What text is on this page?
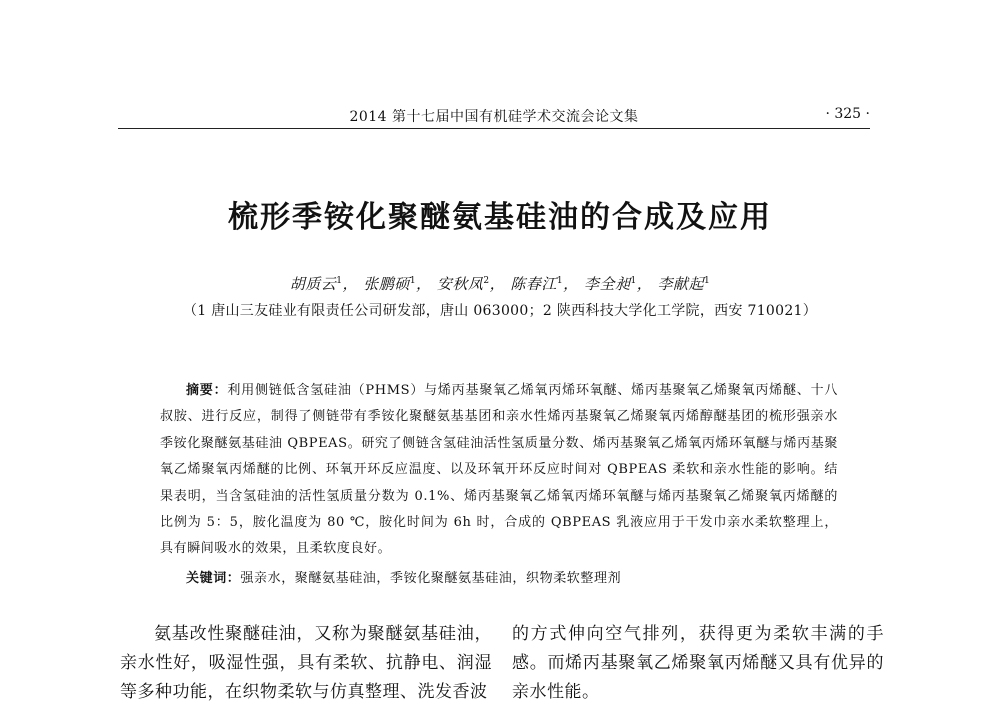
2014 第十七届中国有机硅学术交流会论文集	· 325 ·
梳形季铵化聚醚氨基硅油的合成及应用
胡质云$^1$， 张鹏硕$^1$， 安秋凤$^2$， 陈春江$^1$， 李全昶$^1$， 李献起$^1$
（1 唐山三友硅业有限责任公司研发部，唐山 063000；2 陕西科技大学化工学院，西安 710021）
摘要：利用侧链低含氢硅油（PHMS）与烯丙基聚氧乙烯氧丙烯环氧醚、烯丙基聚氧乙烯聚氧丙烯醚、十八叔胺、进行反应，制得了侧链带有季铵化聚醚氨基基团和亲水性烯丙基聚氧乙烯聚氧丙烯醇醚基团的梳形强亲水季铵化聚醚氨基硅油 QBPEAS。研究了侧链含氢硅油活性氢质量分数、烯丙基聚氧乙烯氧丙烯环氧醚与烯丙基聚氧乙烯聚氧丙烯醚的比例、环氧开环反应温度、以及环氧开环反应时间对 QBPEAS 柔软和亲水性能的影响。结果表明，当含氢硅油的活性氢质量分数为 0.1%、烯丙基聚氧乙烯氧丙烯环氧醚与烯丙基聚氧乙烯聚氧丙烯醚的比例为 5：5，胺化温度为 80 ℃，胺化时间为 6h 时，合成的 QBPEAS 乳液应用于干发巾亲水柔软整理上，具有瞬间吸水的效果，且柔软度良好。
关键词：强亲水，聚醚氨基硅油，季铵化聚醚氨基硅油，织物柔软整理剂
氨基改性聚醚硅油，又称为聚醚氨基硅油，亲水性好，吸湿性强，具有柔软、抗静电、润湿等多种功能，在织物柔软与仿真整理、洗发香波
的方式伸向空气排列，获得更为柔软丰满的手感。而烯丙基聚氧乙烯聚氧丙烯醚又具有优异的亲水性能。
